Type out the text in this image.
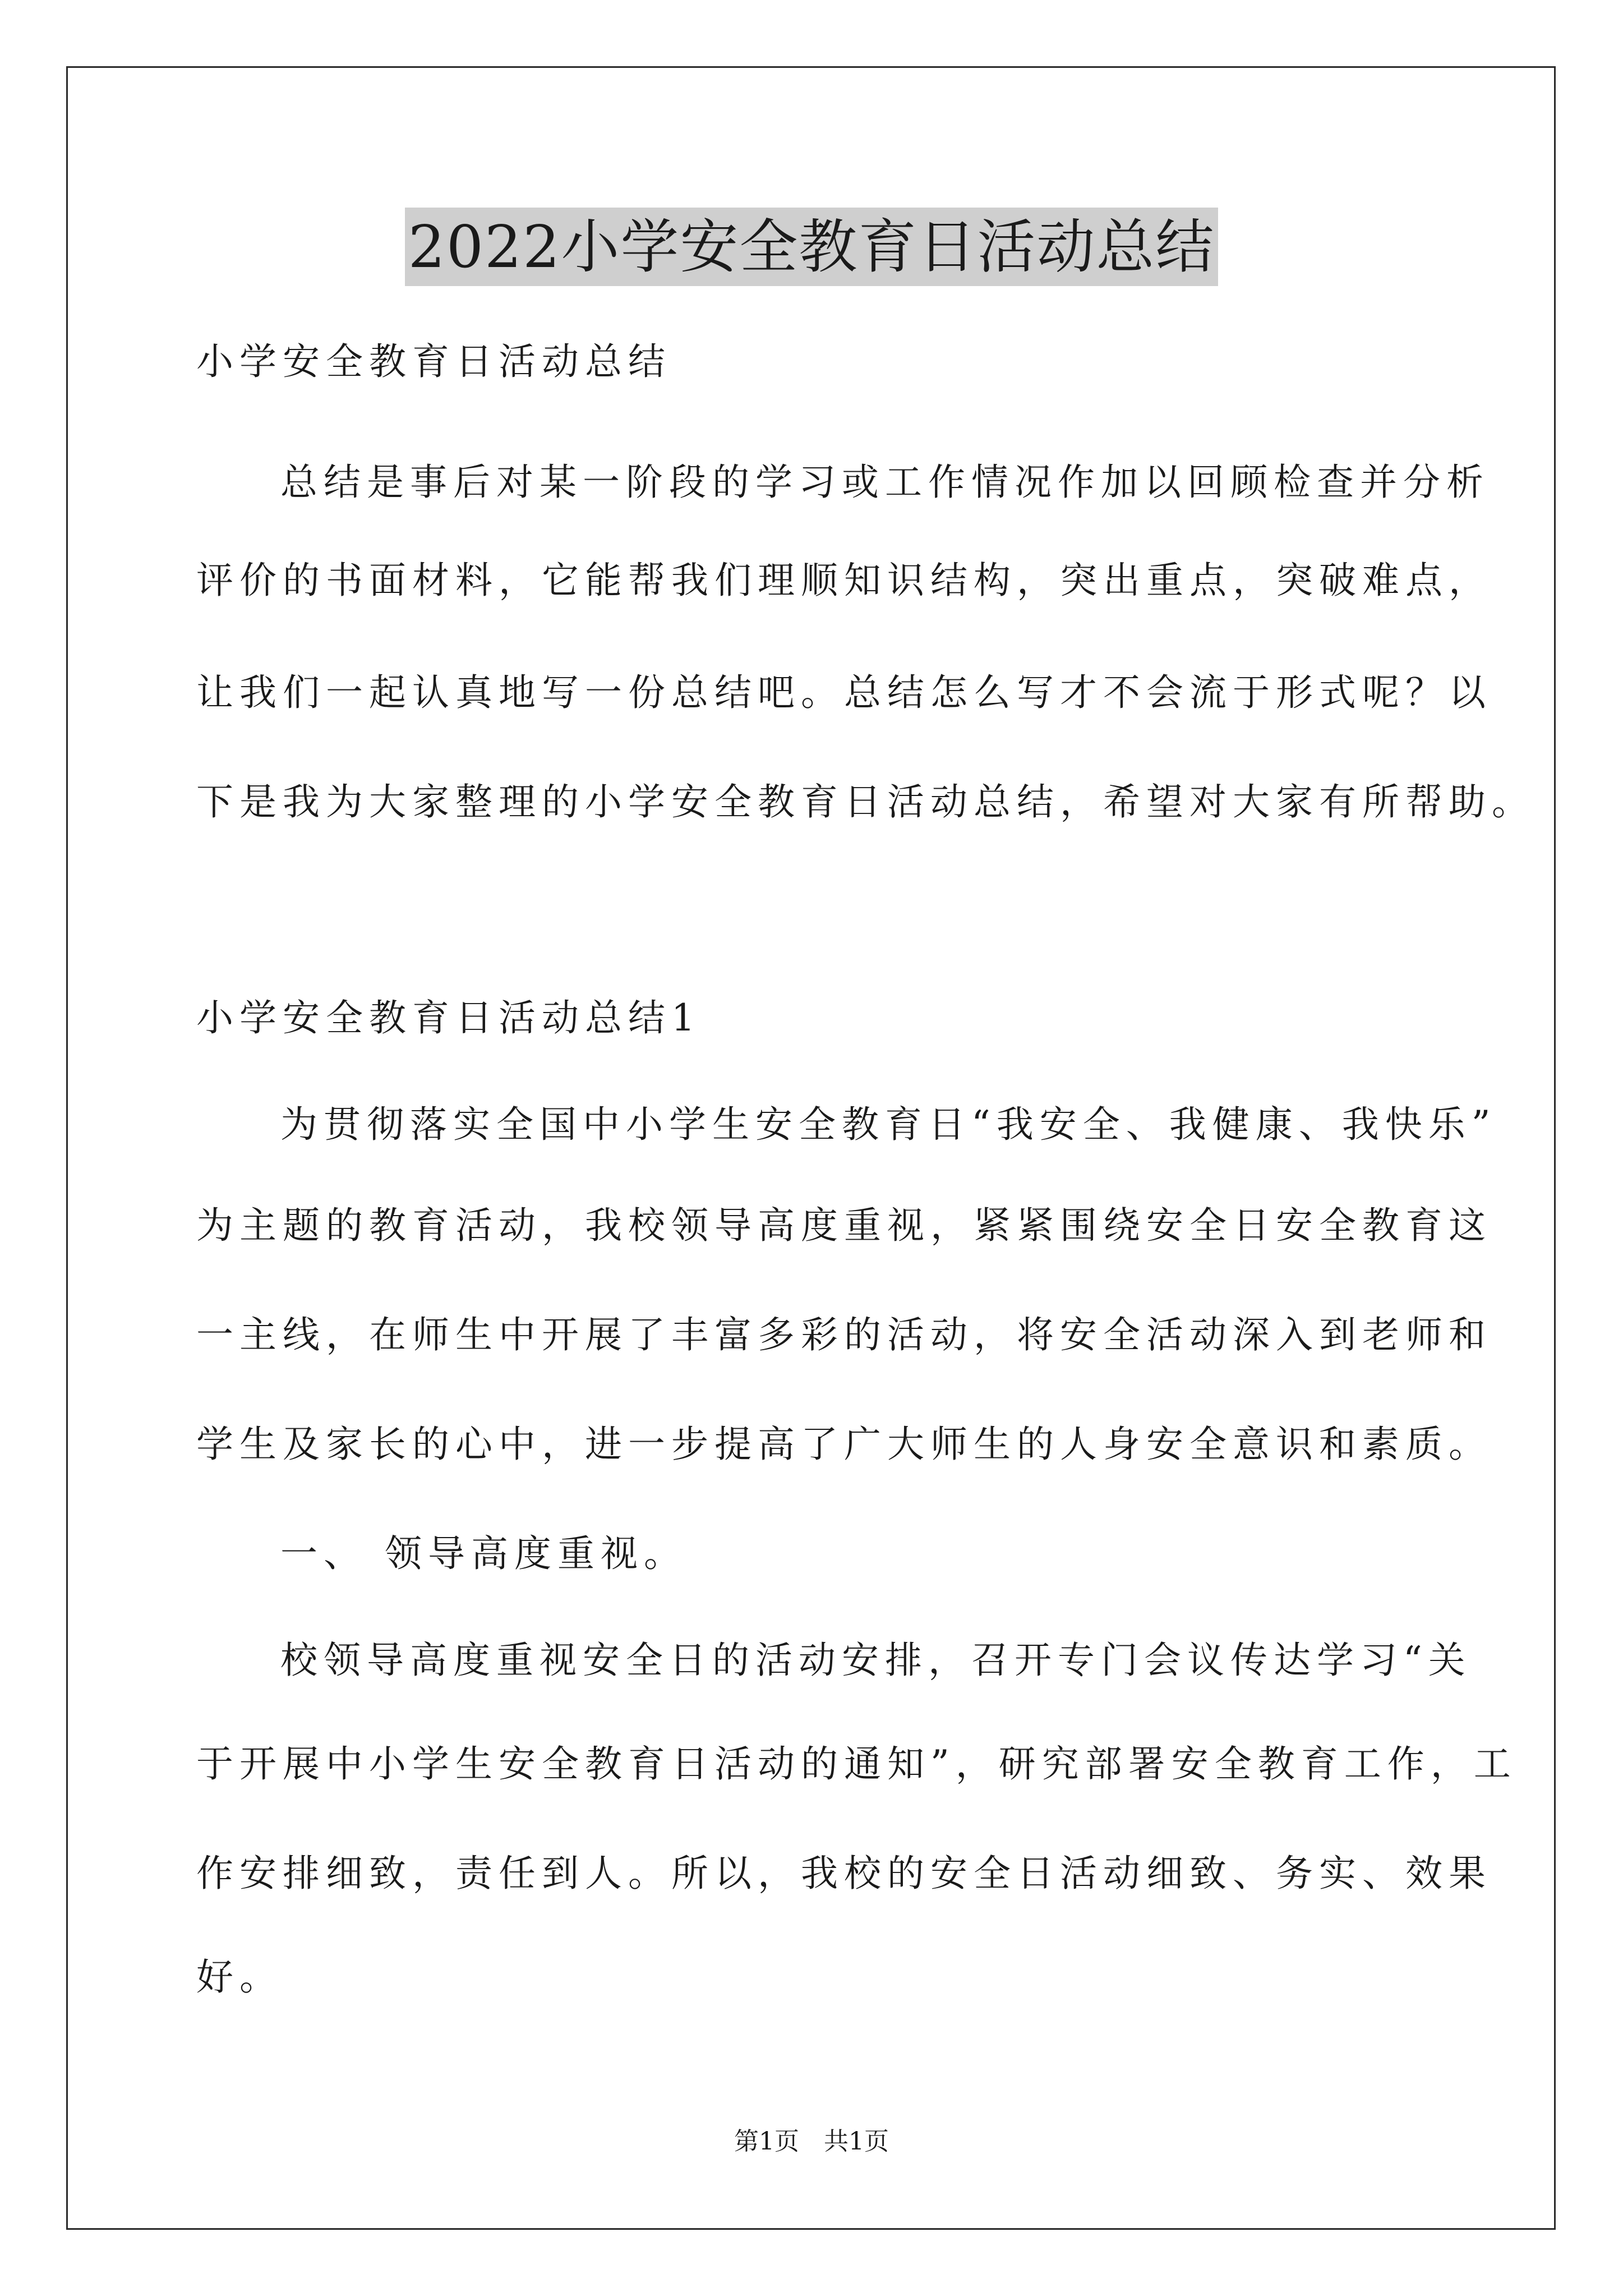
2022小学安全教育日活动总结
小学安全教育日活动总结
总结是事后对某一阶段的学习或工作情况作加以回顾检查并分析
评价的书面材料，它能帮我们理顺知识结构，突出重点，突破难点，
让我们一起认真地写一份总结吧。总结怎么写才不会流于形式呢？以
下是我为大家整理的小学安全教育日活动总结，希望对大家有所帮助。
小学安全教育日活动总结1
为贯彻落实全国中小学生安全教育日“我安全、我健康、我快乐”
为主题的教育活动，我校领导高度重视，紧紧围绕安全日安全教育这
一主线，在师生中开展了丰富多彩的活动，将安全活动深入到老师和
学生及家长的心中，进一步提高了广大师生的人身安全意识和素质。
一、 领导高度重视。
校领导高度重视安全日的活动安排，召开专门会议传达学习“关
于开展中小学生安全教育日活动的通知”，研究部署安全教育工作，工
作安排细致，责任到人。所以，我校的安全日活动细致、务实、效果
好。
第1页　共1页
